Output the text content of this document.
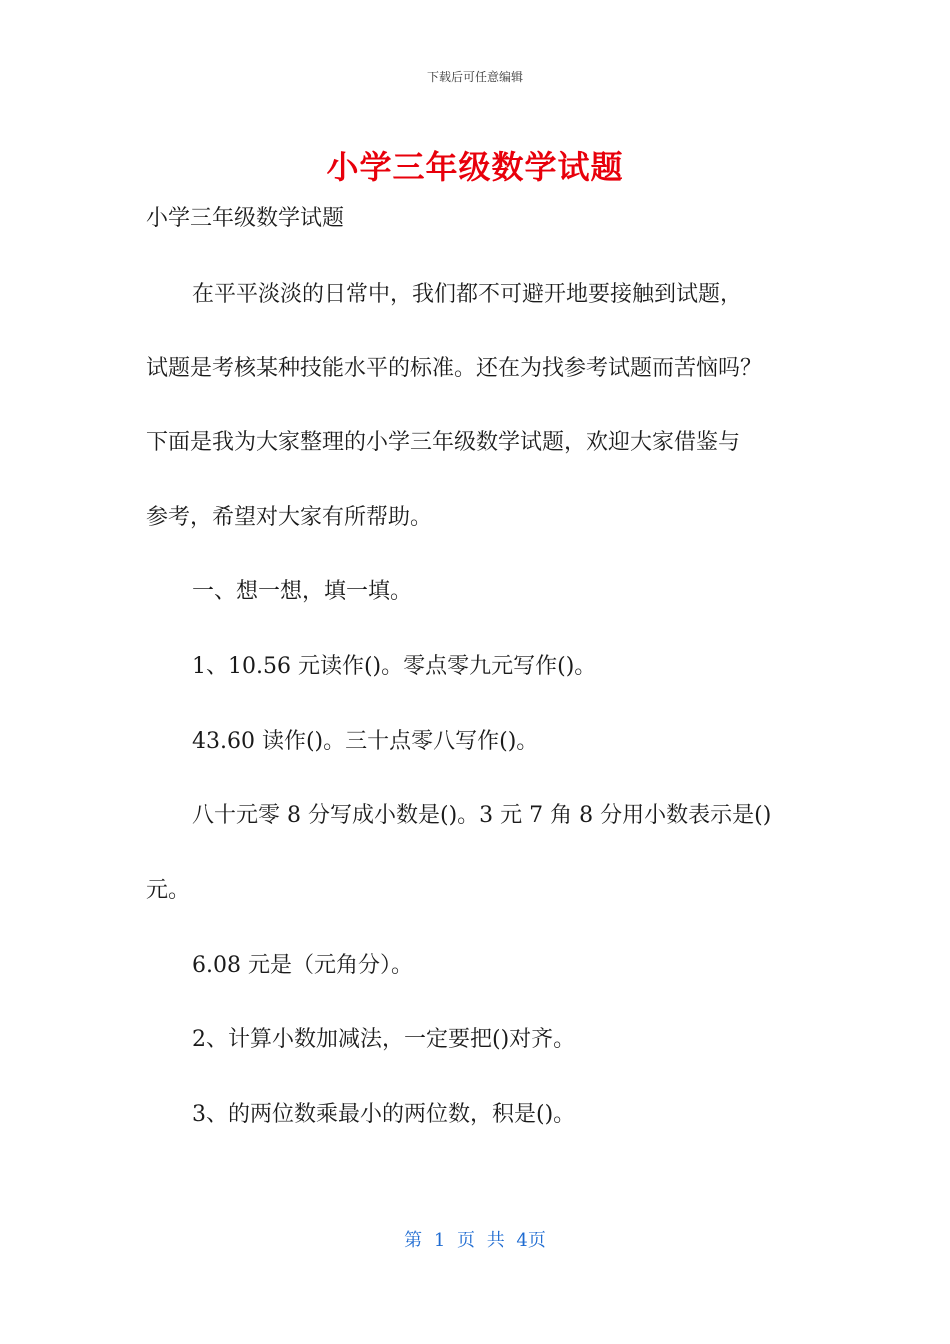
下载后可任意编辑
小学三年级数学试题
小学三年级数学试题
在平平淡淡的日常中，我们都不可避开地要接触到试题，
试题是考核某种技能水平的标准。还在为找参考试题而苦恼吗？
下面是我为大家整理的小学三年级数学试题，欢迎大家借鉴与
参考，希望对大家有所帮助。
一、想一想，填一填。
1、10.56 元读作()。零点零九元写作()。
43.60 读作()。三十点零八写作()。
八十元零 8 分写成小数是()。3 元 7 角 8 分用小数表示是()
元。
6.08 元是（元角分）。
2、计算小数加减法，一定要把()对齐。
3、的两位数乘最小的两位数，积是()。
第 1 页 共 4页
